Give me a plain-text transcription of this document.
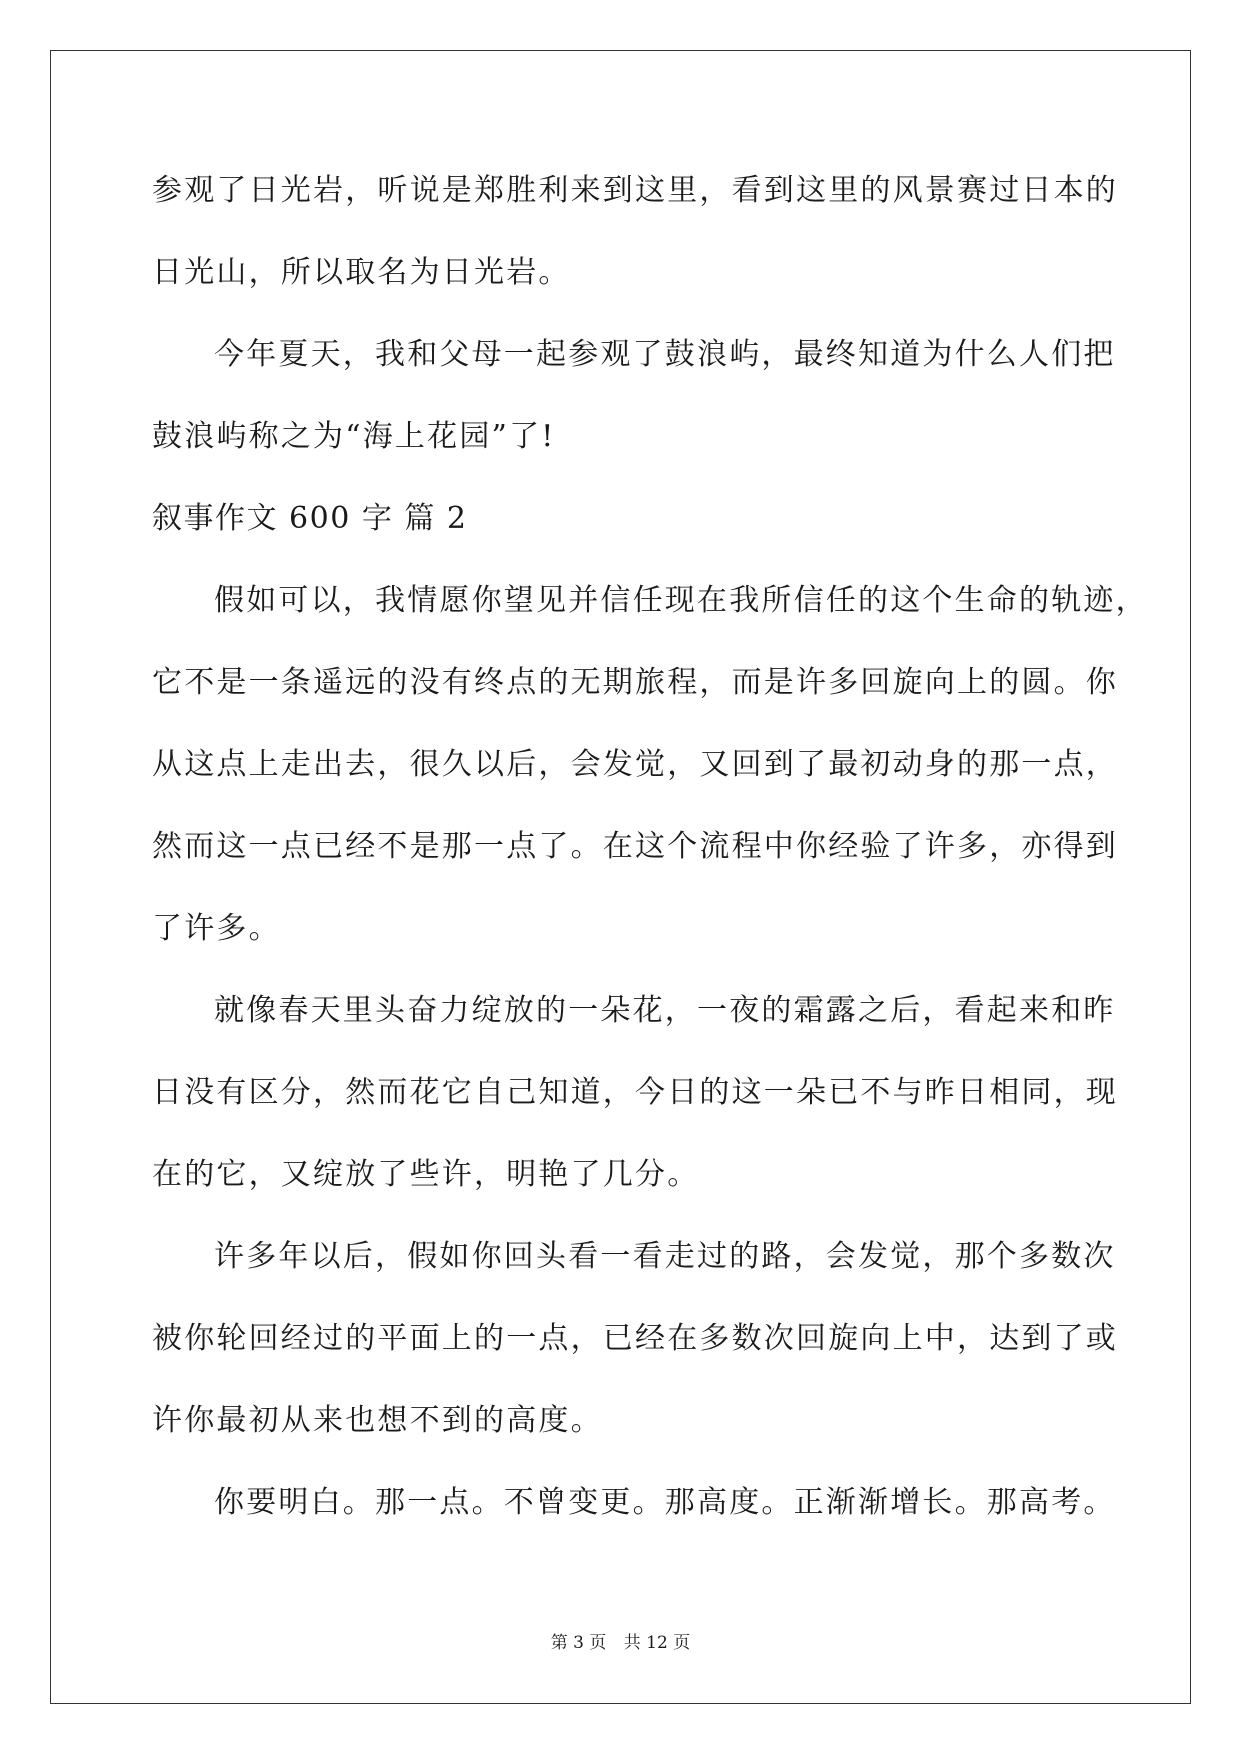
参观了日光岩，听说是郑胜利来到这里，看到这里的风景赛过日本的
日光山，所以取名为日光岩。
今年夏天，我和父母一起参观了鼓浪屿，最终知道为什么人们把
鼓浪屿称之为“海上花园”了!
叙事作文 600 字 篇 2
假如可以，我情愿你望见并信任现在我所信任的这个生命的轨迹，
它不是一条遥远的没有终点的无期旅程，而是许多回旋向上的圆。你
从这点上走出去，很久以后，会发觉，又回到了最初动身的那一点，
然而这一点已经不是那一点了。在这个流程中你经验了许多，亦得到
了许多。
就像春天里头奋力绽放的一朵花，一夜的霜露之后，看起来和昨
日没有区分，然而花它自己知道，今日的这一朵已不与昨日相同，现
在的它，又绽放了些许，明艳了几分。
许多年以后，假如你回头看一看走过的路，会发觉，那个多数次
被你轮回经过的平面上的一点，已经在多数次回旋向上中，达到了或
许你最初从来也想不到的高度。
你要明白。那一点。不曾变更。那高度。正渐渐增长。那高考。
第 3 页 共 12 页
